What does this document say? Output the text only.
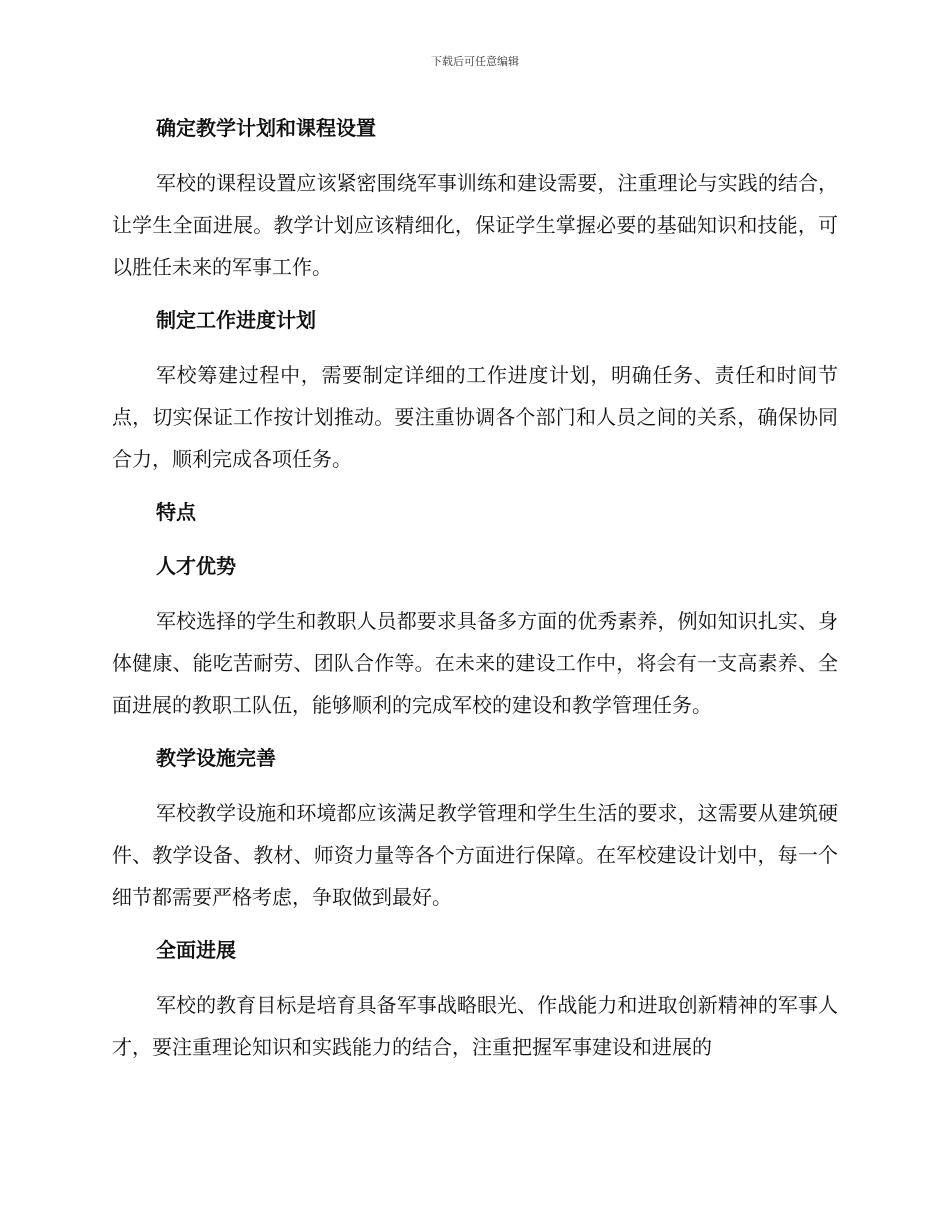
下载后可任意编辑
确定教学计划和课程设置

军校的课程设置应该紧密围绕军事训练和建设需要，注重理论与实践的结合，让学生全面进展。教学计划应该精细化，保证学生掌握必要的基础知识和技能，可以胜任未来的军事工作。

制定工作进度计划

军校筹建过程中，需要制定详细的工作进度计划，明确任务、责任和时间节点，切实保证工作按计划推动。要注重协调各个部门和人员之间的关系，确保协同合力，顺利完成各项任务。

特点
人才优势

军校选择的学生和教职人员都要求具备多方面的优秀素养，例如知识扎实、身体健康、能吃苦耐劳、团队合作等。在未来的建设工作中，将会有一支高素养、全面进展的教职工队伍，能够顺利的完成军校的建设和教学管理任务。

教学设施完善

军校教学设施和环境都应该满足教学管理和学生生活的要求，这需要从建筑硬件、教学设备、教材、师资力量等各个方面进行保障。在军校建设计划中，每一个细节都需要严格考虑，争取做到最好。

全面进展

军校的教育目标是培育具备军事战略眼光、作战能力和进取创新精神的军事人才，要注重理论知识和实践能力的结合，注重把握军事建设和进展的
